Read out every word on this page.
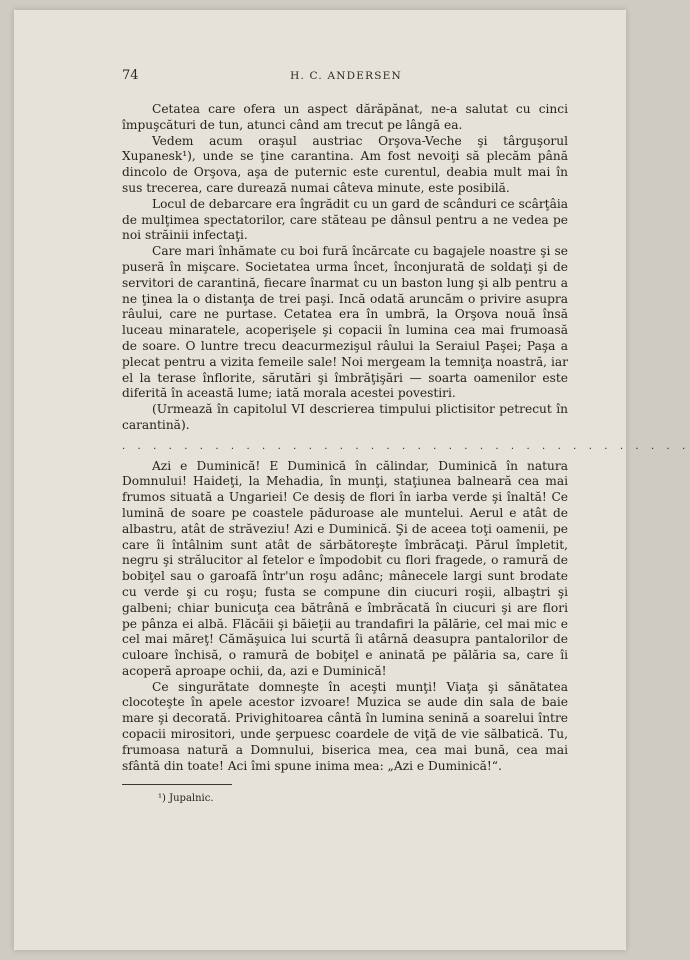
74	H. C. ANDERSEN

Cetatea care ofera un aspect dărăpănat, ne-a salutat cu cinci împuşcături de tun, atunci când am trecut pe lângă ea.

Vedem acum oraşul austriac Orşova-Veche şi târguşorul Xupanesk¹), unde se ţine carantina. Am fost nevoiţi să plecăm până dincolo de Orşova, aşa de puternic este curentul, deabia mult mai în sus trecerea, care durează numai câteva minute, este posibilă.

Locul de debarcare era îngrădit cu un gard de scânduri ce scârţâia de mulţimea spectatorilor, care stăteau pe dânsul pentru a ne vedea pe noi străinii infectaţi.

Care mari înhămate cu boi fură încărcate cu bagajele noastre şi se puseră în mişcare. Societatea urma încet, înconjurată de soldaţi şi de servitori de carantină, fiecare înarmat cu un baston lung şi alb pentru a ne ţinea la o distanţa de trei paşi. Incă odată aruncăm o privire asupra râului, care ne purtase. Cetatea era în umbră, la Orşova nouă însă luceau minaratele, acoperişele şi copacii în lumina cea mai frumoasă de soare. O luntre trecu deacurmezişul râului la Seraiul Paşei; Paşa a plecat pentru a vizita femeile sale! Noi mergeam la temniţa noastră, iar el la terase înflorite, sărutări şi îmbrăţişări — soarta oamenilor este diferită în această lume; iată morala acestei povestiri.

(Urmează în capitolul VI descrierea timpului plictisitor petrecut în carantină).

. . . . . . . . . . . . . . . . . . . . . . . . . . . . . . . . . . . . .

Azi e Duminică! E Duminică în călindar, Duminică în natura Domnului! Haideţi, la Mehadia, în munţi, staţiunea balneară cea mai frumos situată a Ungariei! Ce desiş de flori în iarba verde şi înaltă! Ce lumină de soare pe coastele păduroase ale muntelui. Aerul e atât de albastru, atât de străveziu! Azi e Duminică. Şi de aceea toţi oamenii, pe care îi întâlnim sunt atât de sărbătoreşte îmbrăcaţi. Părul împletit, negru şi strălucitor al fetelor e împodobit cu flori fragede, o ramură de bobiţel sau o garoafă într'un roşu adânc; mânecele largi sunt brodate cu verde şi cu roşu; fusta se compune din ciucuri roşii, albaştri şi galbeni; chiar bunicuţa cea bătrână e îmbrăcată în ciucuri şi are flori pe pânza ei albă. Flăcăii şi băieţii au trandafiri la pălărie, cel mai mic e cel mai măreţ! Cămăşuica lui scurtă îi atârnă deasupra pantalorilor de culoare închisă, o ramură de bobiţel e aninată pe pălăria sa, care îi acoperă aproape ochii, da, azi e Duminică!

Ce singurătate domneşte în aceşti munţi! Viaţa şi sănătatea clocoteşte în apele acestor izvoare! Muzica se aude din sala de baie mare şi decorată. Privighitoarea cântă în lumina senină a soarelui între copacii mirositori, unde şerpuesc coardele de viţă de vie sălbatică. Tu, frumoasa natură a Domnului, biserica mea, cea mai bună, cea mai sfântă din toate! Aci îmi spune inima mea: „Azi e Duminică!“.

¹) Jupalnic.
